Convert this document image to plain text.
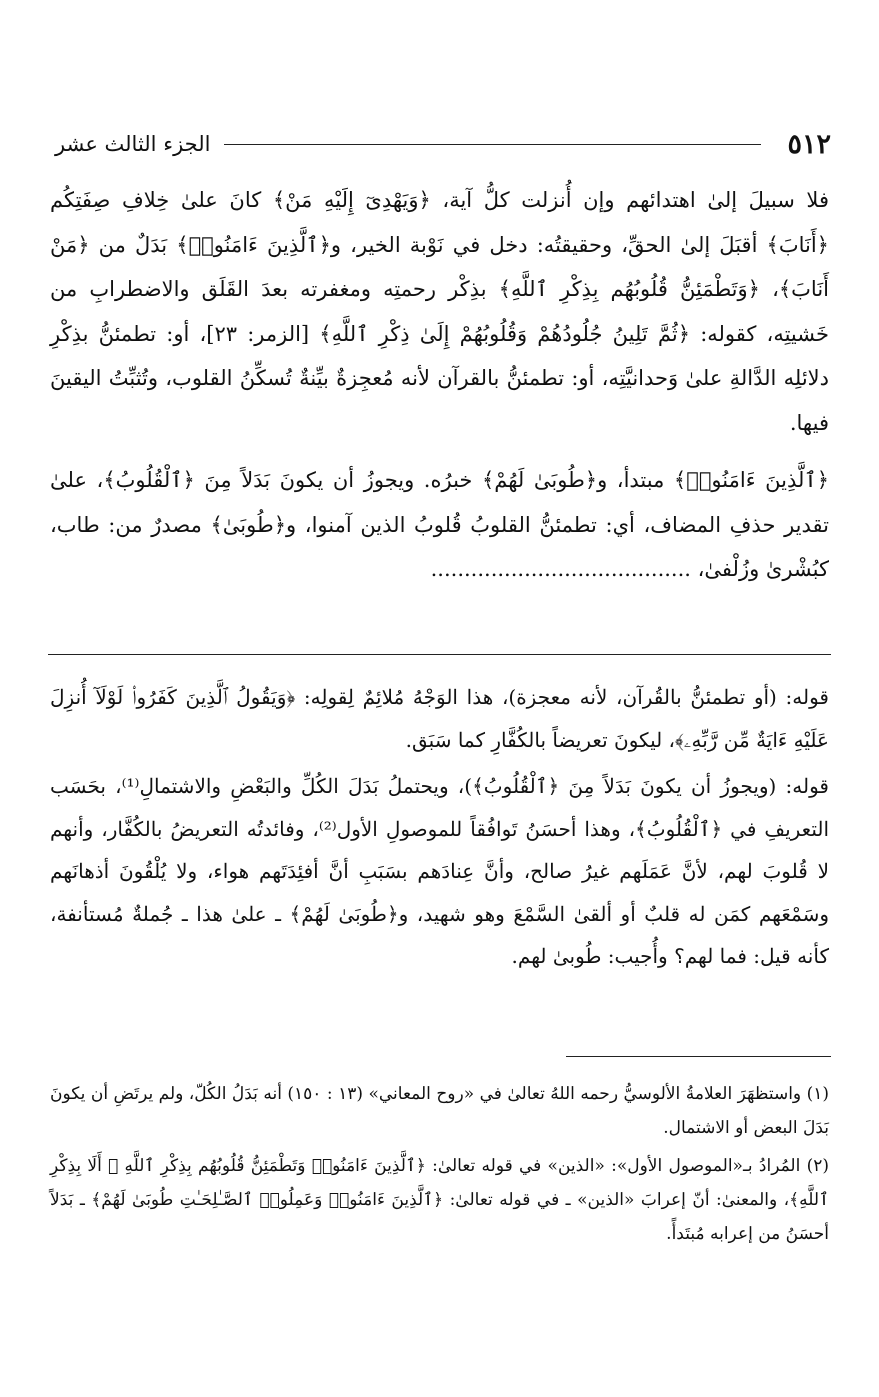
٥١٢
الجزء الثالث عشر

فلا سبيلَ إلىٰ اهتدائهم وإن أُنزلت كلُّ آية، ﴿وَيَهْدِىٓ إِلَيْهِ مَنْ﴾ كانَ علىٰ خِلافِ صِفَتِكُم ﴿أَنَابَ﴾ أقبَلَ إلىٰ الحقِّ، وحقيقتُه: دخل في نَوْبة الخير، و﴿ٱلَّذِينَ ءَامَنُوا۟﴾ بَدَلٌ من ﴿مَنْ أَنَابَ﴾، ﴿وَتَطْمَئِنُّ قُلُوبُهُم بِذِكْرِ ٱللَّهِ﴾ بذِكْر رحمتِه ومغفرته بعدَ القَلَق والاضطرابِ من خَشيتِه، كقوله: ﴿ثُمَّ تَلِينُ جُلُودُهُمْ وَقُلُوبُهُمْ إِلَىٰ ذِكْرِ ٱللَّهِ﴾ [الزمر: ٢٣]، أو: تطمئنُّ بذِكْرِ دلائلِه الدَّالةِ علىٰ وَحدانيَّتِه، أو: تطمئنُّ بالقرآن لأنه مُعجِزةٌ بيِّنةٌ تُسكِّنُ القلوب، وتُثبِّتُ اليقينَ فيها.

﴿ٱلَّذِينَ ءَامَنُوا۟﴾ مبتدأ، و﴿طُوبَىٰ لَهُمْ﴾ خبرُه. ويجوزُ أن يكونَ بَدَلاً مِنَ ﴿ٱلْقُلُوبُ﴾، علىٰ تقدير حذفِ المضاف، أي: تطمئنُّ القلوبُ قُلوبُ الذين آمنوا، و﴿طُوبَىٰ﴾ مصدرٌ من: طاب، كبُشْرىٰ وزُلْفىٰ، .......................................

قوله: (أو تطمئنُّ بالقُرآن، لأنه معجزة)، هذا الوَجْهُ مُلائِمٌ لِقولِه: ﴿وَيَقُولُ ٱلَّذِينَ كَفَرُوا۟ لَوْلَآ أُنزِلَ عَلَيْهِ ءَايَةٌ مِّن رَّبِّهِۦ﴾، ليكونَ تعريضاً بالكُفَّارِ كما سَبَق.

قوله: (ويجوزُ أن يكونَ بَدَلاً مِنَ ﴿ٱلْقُلُوبُ﴾)، ويحتملُ بَدَلَ الكُلِّ والبَعْضِ والاشتمالِ⁽¹⁾، بحَسَب التعريفِ في ﴿ٱلْقُلُوبُ﴾، وهذا أحسَنُ تَوافُقاً للموصولِ الأول⁽²⁾، وفائدتُه التعريضُ بالكُفَّار، وأنهم لا قُلوبَ لهم، لأنَّ عَمَلَهم غيرُ صالح، وأنَّ عِنادَهم بسَبَبِ أنَّ أفئِدَتَهم هواء، ولا يُلْقُونَ أذهانَهم وسَمْعَهم كمَن له قلبٌ أو ألقىٰ السَّمْعَ وهو شهيد، و﴿طُوبَىٰ لَهُمْ﴾ ـ علىٰ هذا ـ جُملةٌ مُستأنفة، كأنه قيل: فما لهم؟ وأُجيب: طُوبىٰ لهم.

(١) واستظهَرَ العلامةُ الألوسيُّ رحمه اللهُ تعالىٰ في «روح المعاني» (١٣ : ١٥٠) أنه بَدَلُ الكُلّ، ولم يرتَضِ أن يكونَ بَدَلَ البعض أو الاشتمال.

(٢) المُرادُ بـ«الموصول الأول»: «الذين» في قوله تعالىٰ: ﴿ٱلَّذِينَ ءَامَنُوا۟ وَتَطْمَئِنُّ قُلُوبُهُم بِذِكْرِ ٱللَّهِ ۗ أَلَا بِذِكْرِ ٱللَّهِ﴾، والمعنىٰ: أنّ إعرابَ «الذين» ـ في قوله تعالىٰ: ﴿ٱلَّذِينَ ءَامَنُوا۟ وَعَمِلُوا۟ ٱلصَّـٰلِحَـٰتِ طُوبَىٰ لَهُمْ﴾ ـ بَدَلاً أحسَنُ من إعرابه مُبتَدأً.
